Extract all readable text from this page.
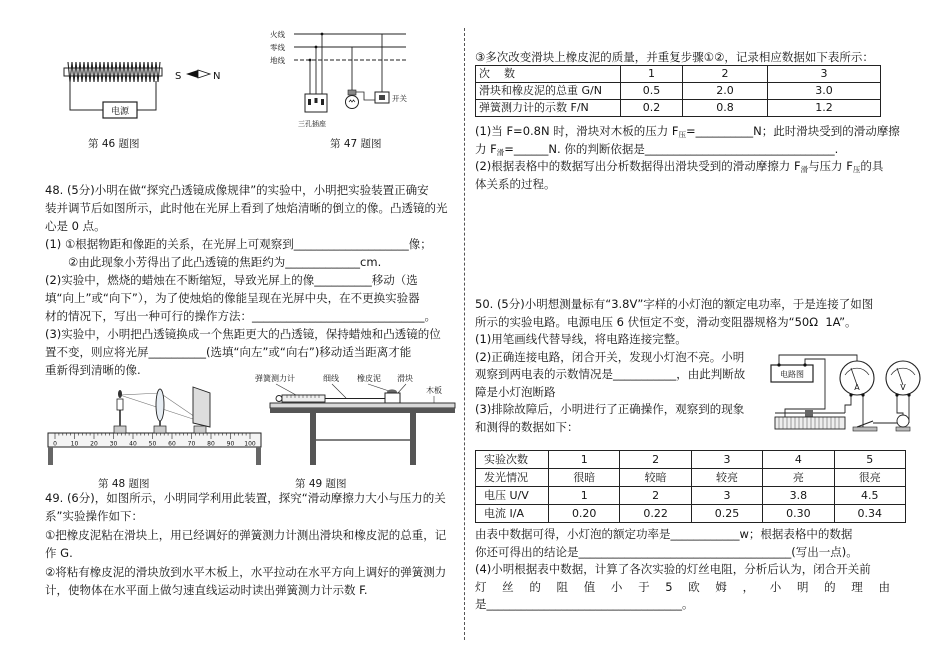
电源
S	N
第 46 题图
火线
零线
地线
三孔插座
开关
第 47 题图
48. (5分)小明在做“探究凸透镜成像规律”的实验中，小明把实验装置正确安
装并调节后如图所示，此时他在光屏上看到了烛焰清晰的倒立的像。凸透镜的光
心是 0 点。
(1) ①根据物距和像距的关系，在光屏上可观察到____________________像；
　　②由此现象小芳得出了此凸透镜的焦距约为_____________cm.
(2)实验中，燃烧的蜡烛在不断缩短，导致光屏上的像__________移动（选
填“向上”或“向下”），为了使烛焰的像能呈现在光屏中央，在不更换实验器
材的情况下，写出一种可行的操作方法：______________________________。
(3)实验中，小明把凸透镜换成一个焦距更大的凸透镜，保持蜡烛和凸透镜的位
置不变，则应将光屏__________(选填“向左”或“向右”)移动适当距离才能
重新得到清晰的像.
0 10 20 30 40 50 60 70 80 90 100
弹簧测力计	细线 橡皮泥 滑块
木板
第 48 题图	第 49 题图
49. (6分)，如图所示，小明同学利用此装置，探究“滑动摩擦力大小与压力的关
系”实验操作如下：
①把橡皮泥粘在滑块上，用已经调好的弹簧测力计测出滑块和橡皮泥的总重，记
作 G.
②将粘有橡皮泥的滑块放到水平木板上，水平拉动在水平方向上调好的弹簧测力
计，使物体在水平面上做匀速直线运动时读出弹簧测力计示数 F.
③多次改变滑块上橡皮泥的质量，并重复步骤①②，记录相应数据如下表所示：
次    数	1	2	3
滑块和橡皮泥的总重 G/N	0.5	2.0	3.0
弹簧测力计的示数 F/N	0.2	0.8	1.2
(1)当 F=0.8N 时，滑块对木板的压力 $F_压=\_\_\_\_\_\_\_\_\_\_N$；此时滑块受到的滑动摩擦
力 $F_滑=\_\_\_\_\_\_N$. 你的判断依据是_________________________________.
(2)根据表格中的数据写出分析数据得出滑块受到的滑动摩擦力 $F_滑$与压力 $F_压$的具
体关系的过程。
50. (5分)小明想测量标有“3.8V”字样的小灯泡的额定电功率，于是连接了如图
所示的实验电路。电源电压 6 伏恒定不变，滑动变阻器规格为“50Ω  1A”。
(1)用笔画线代替导线，将电路连接完整。
(2)正确连接电路，闭合开关，发现小灯泡不亮。小明
观察到两电表的示数情况是___________，由此判断故
障是小灯泡断路
(3)排除故障后，小明进行了正确操作，观察到的现象
和测得的数据如下：
电路图
A	V
实验次数	1	2	3	4	5
发光情况	很暗	较暗	较亮	亮	很亮
电压 U/V	1	2	3	3.8	4.5
电流 I/A	0.20	0.22	0.25	0.30	0.34
由表中数据可得，小灯泡的额定功率是____________w；根据表格中的数据
你还可得出的结论是_____________________________________(写出一点)。
(4)小明根据表中数据，计算了各次实验的灯丝电阻，分析后认为，闭合开关前
灯丝的阻值小于5欧姆，小明的理由
是__________________________________。
